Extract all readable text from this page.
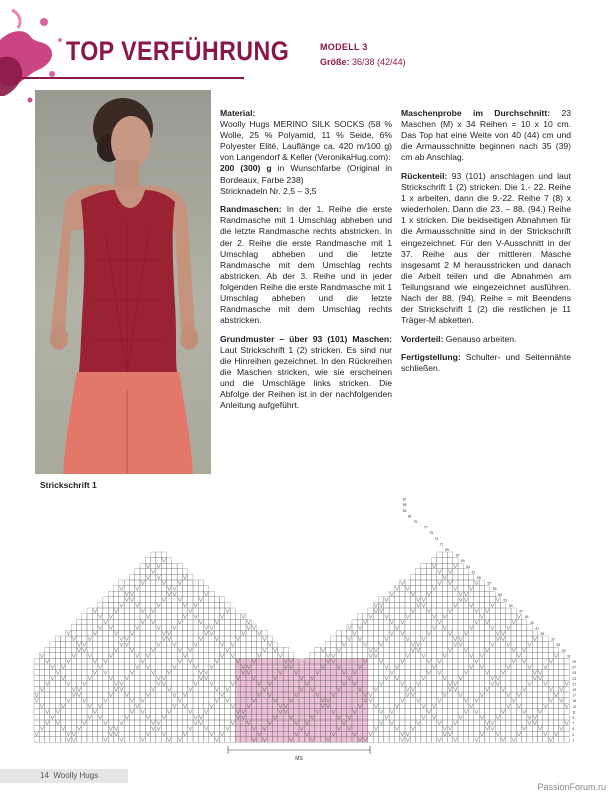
TOP VERFÜHRUNG	MODELL 3
Größe: 36/38 (42/44)

Material:

Woolly Hugs MERINO SILK SOCKS (58 % Wolle, 25 % Polyamid, 11 % Seide, 6% Polyester Elité, Lauflänge ca. 420 m/100 g) von Langendorf & Keller (VeronikaHug.com):

200 (300) g in Wunschfarbe (Original in Bordeaux, Farbe 238)

Stricknadeln Nr. 2,5 – 3,5

Randmaschen: In der 1. Reihe die erste Randmasche mit 1 Umschlag abheben und die letzte Randmasche rechts abstricken. In der 2. Reihe die erste Randmasche mit 1 Umschlag abheben und die letzte Randmasche mit dem Umschlag rechts abstricken. Ab der 3. Reihe und in jeder folgenden Reihe die erste Randmasche mit 1 Umschlag abheben und die letzte Randmasche mit dem Umschlag rechts abstricken.

Grundmuster – über 93 (101) Maschen: Laut Strickschrift 1 (2) stricken. Es sind nur die Hinreihen gezeichnet. In den Rückreihen die Maschen stricken, wie sie erscheinen und die Umschläge links stricken. Die Abfolge der Reihen ist in der nachfolgenden Anleitung aufgeführt.

Maschenprobe im Durchschnitt: 23 Maschen (M) x 34 Reihen = 10 x 10 cm. Das Top hat eine Weite von 40 (44) cm und die Armausschnitte beginnen nach 35 (39) cm ab Anschlag.

Rückenteil: 93 (101) anschlagen und laut Strickschrift 1 (2) stricken. Die 1.- 22. Reihe 1 x arbeiten, dann die 9.-22. Reihe 7 (8) x wiederholen. Dann die 23. – 88. (94.) Reihe 1 x stricken. Die beidseitigen Abnahmen für die Armausschnitte sind in der Strickschrift eingezeichnet. Für den V-Ausschnitt in der 37. Reihe aus der mittleren Masche insgesamt 2 M herausstricken und danach die Arbeit teilen und die Abnahmen am Teilungsrand wie eingezeichnet ausführen. Nach der 88. (94). Reihe = mit Beendens der Strickschrift 1 (2) die restlichen je 11 Träger-M abketten.

Vorderteil: Genauso arbeiten.

Fertigstellung: Schulter- und Seitennähte schließen.

Strickschrift 1
87
85
83
81
79
77
75
73
71
69
67
65
63
61
59
57
55
53
51
49
47
45
43
41
39
37
35
33
31
29
27
25
23
21
19
17
15
13
11
9
7
5
3
1
MS
14 Woolly Hugs
PassionForum.ru
